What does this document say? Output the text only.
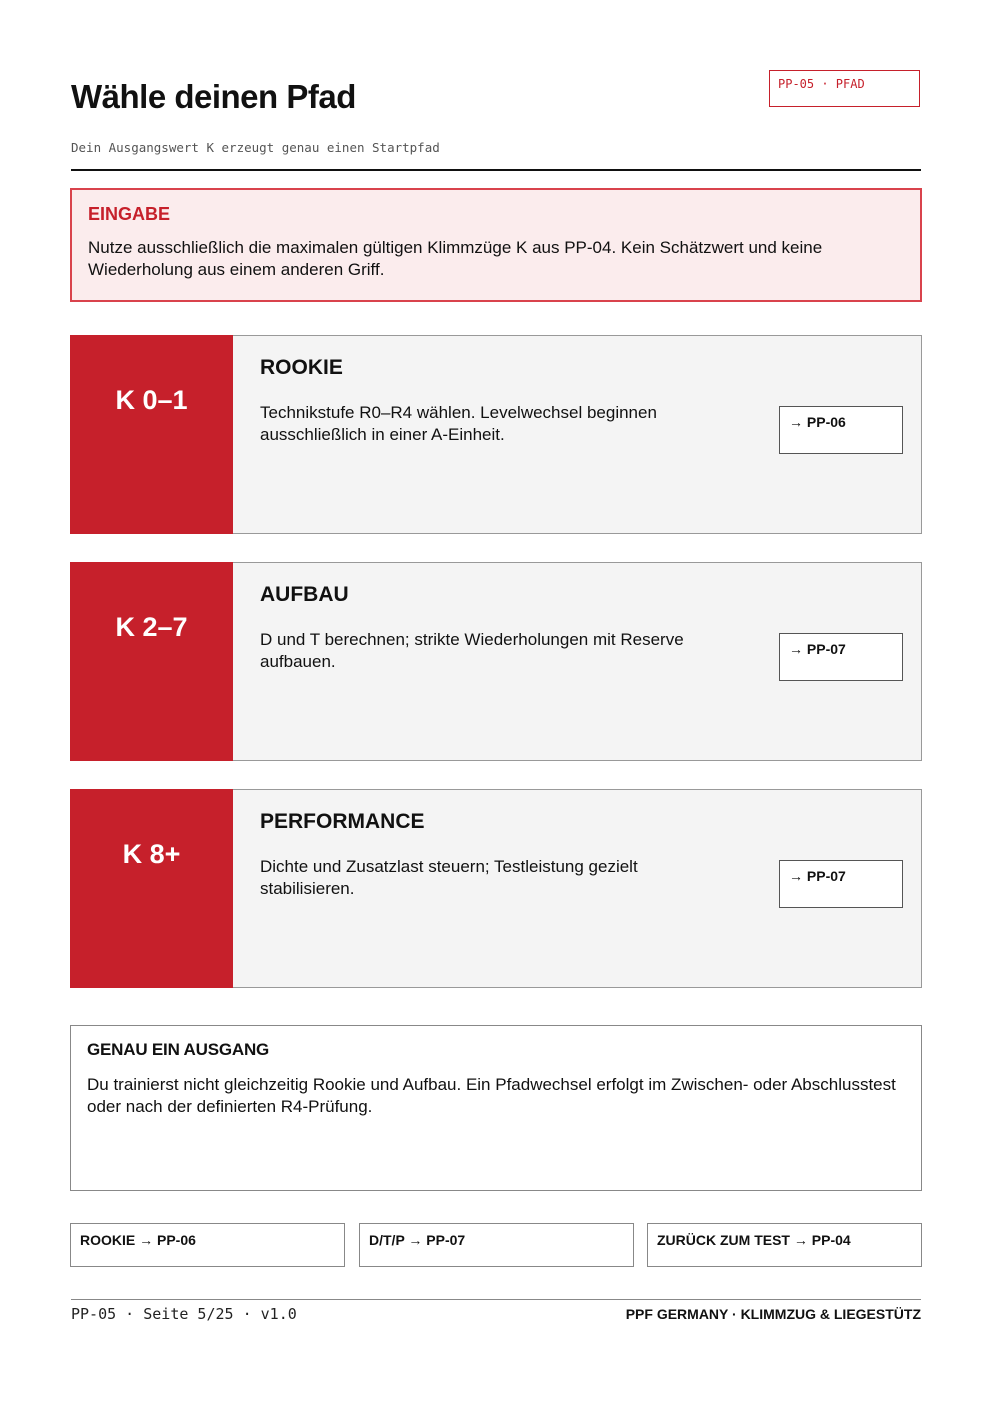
Wähle deinen Pfad	PP-05 · PFAD
Dein Ausgangswert K erzeugt genau einen Startpfad
EINGABE
Nutze ausschließlich die maximalen gültigen Klimmzüge K aus PP-04. Kein Schätzwert und keine Wiederholung aus einem anderen Griff.
K 0–1
ROOKIE
Technikstufe R0–R4 wählen. Levelwechsel beginnen ausschließlich in einer A-Einheit.
→ PP-06
K 2–7
AUFBAU
D und T berechnen; strikte Wiederholungen mit Reserve aufbauen.
→ PP-07
K 8+
PERFORMANCE
Dichte und Zusatzlast steuern; Testleistung gezielt stabilisieren.
→ PP-07
GENAU EIN AUSGANG
Du trainierst nicht gleichzeitig Rookie und Aufbau. Ein Pfadwechsel erfolgt im Zwischen- oder Abschlusstest oder nach der definierten R4-Prüfung.
ROOKIE → PP-06	D/T/P → PP-07	ZURÜCK ZUM TEST → PP-04
PP-05 · Seite 5/25 · v1.0	PPF GERMANY · KLIMMZUG & LIEGESTÜTZ
